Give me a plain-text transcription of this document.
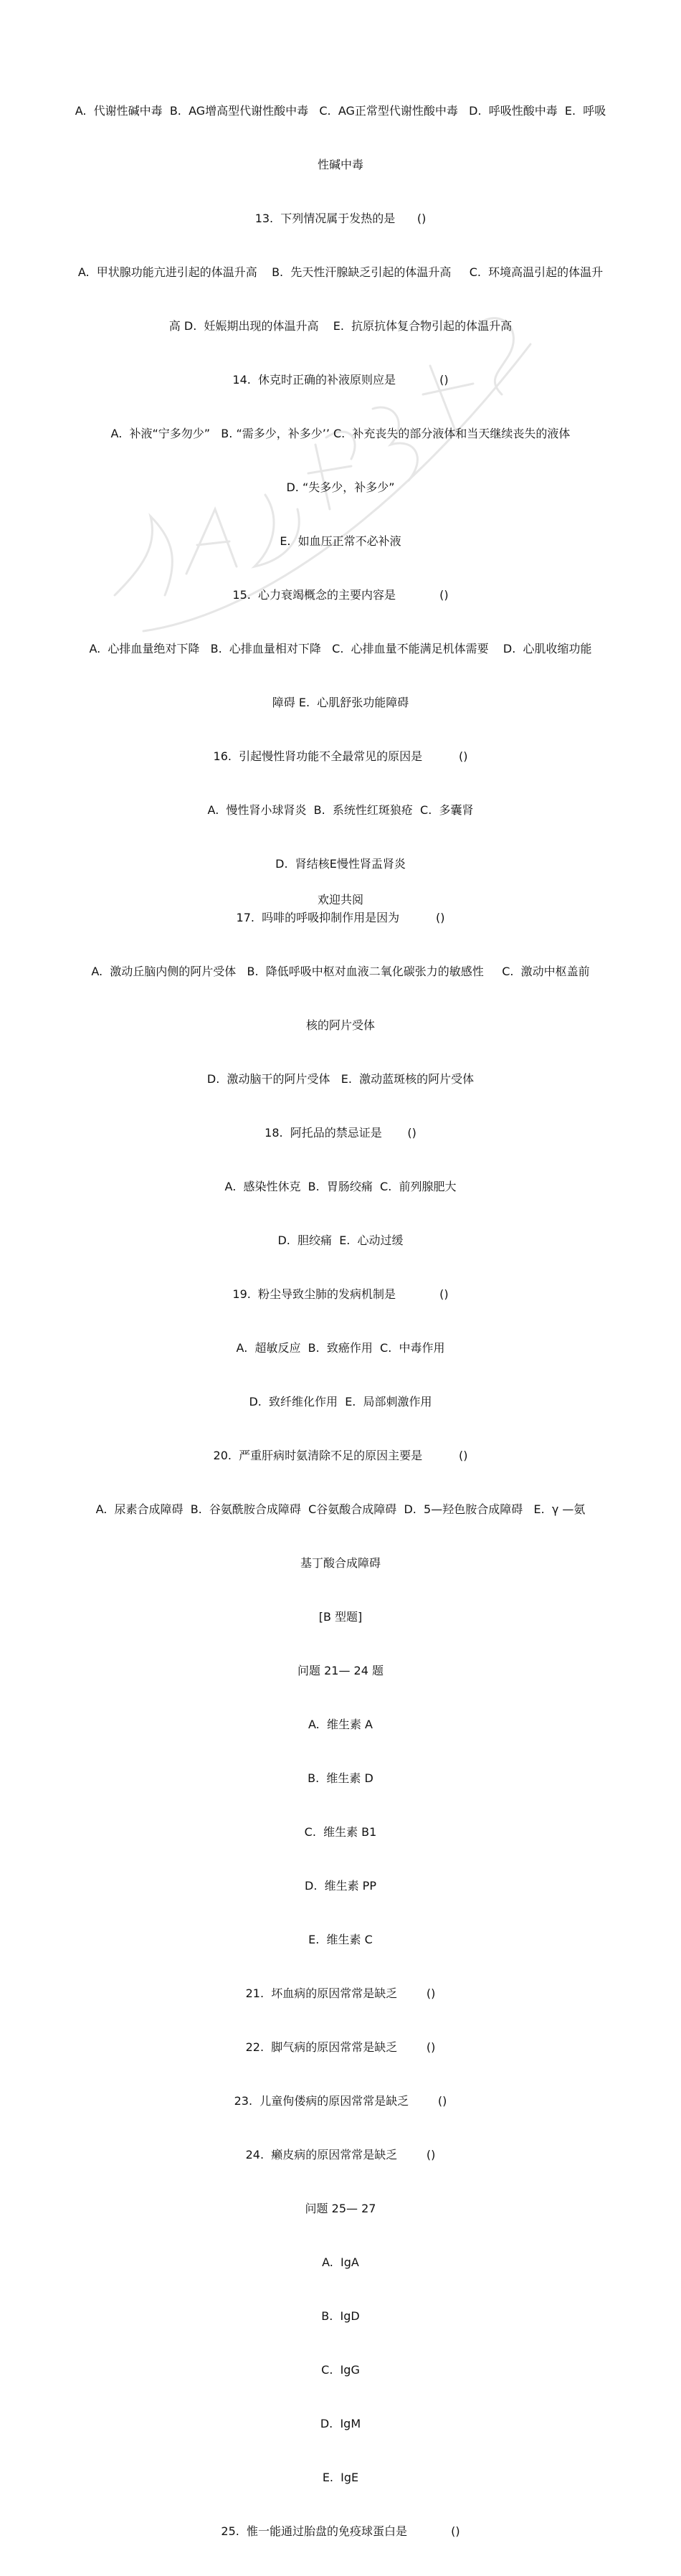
A.  代谢性碱中毒  B.  AG增高型代谢性酸中毒   C.  AG正常型代谢性酸中毒   D.  呼吸性酸中毒  E.  呼吸

性碱中毒

13.  下列情况属于发热的是      ()

A.  甲状腺功能亢进引起的体温升高    B.  先天性汗腺缺乏引起的体温升高     C.  环境高温引起的体温升

高 D.  妊娠期出现的体温升高    E.  抗原抗体复合物引起的体温升高

14.  休克时正确的补液原则应是            ()

A.  补液“宁多勿少”   B. “需多少，补多少’’ C.  补充丧失的部分液体和当天继续丧失的液体

D. “失多少，补多少”

E.  如血压正常不必补液

15.  心力衰竭概念的主要内容是            ()

A.  心排血量绝对下降   B.  心排血量相对下降   C.  心排血量不能满足机体需要    D.  心肌收缩功能

障碍 E.  心肌舒张功能障碍

16.  引起慢性肾功能不全最常见的原因是          ()

A.  慢性肾小球肾炎  B.  系统性红斑狼疮  C.  多囊肾

D.  肾结核E慢性肾盂肾炎

17.  吗啡的呼吸抑制作用是因为          ()

A.  激动丘脑内侧的阿片受体   B.  降低呼吸中枢对血液二氧化碳张力的敏感性     C.  激动中枢盖前

核的阿片受体

D.  激动脑干的阿片受体   E.  激动蓝斑核的阿片受体

18.  阿托品的禁忌证是       ()

A.  感染性休克  B.  胃肠绞痛  C.  前列腺肥大

D.  胆绞痛  E.  心动过缓

19.  粉尘导致尘肺的发病机制是            ()

A.  超敏反应  B.  致癌作用  C.  中毒作用

D.  致纤维化作用  E.  局部刺激作用

20.  严重肝病时氨清除不足的原因主要是          ()

A.  尿素合成障碍  B.  谷氨酰胺合成障碍  C谷氨酸合成障碍  D.  5—羟色胺合成障碍   E.  γ —氨

基丁酸合成障碍

[B 型题]

问题 21— 24 题

A.  维生素 A

B.  维生素 D

C.  维生素 B1

D.  维生素 PP

E.  维生素 C

21.  坏血病的原因常常是缺乏        ()

22.  脚气病的原因常常是缺乏        ()

23.  儿童佝偻病的原因常常是缺乏        ()

24.  癞皮病的原因常常是缺乏        ()

问题 25— 27

A.  IgA

B.  IgD

C.  IgG

D.  IgM

E.  IgE

25.  惟一能通过胎盘的免疫球蛋白是            ()

欢迎共阅
